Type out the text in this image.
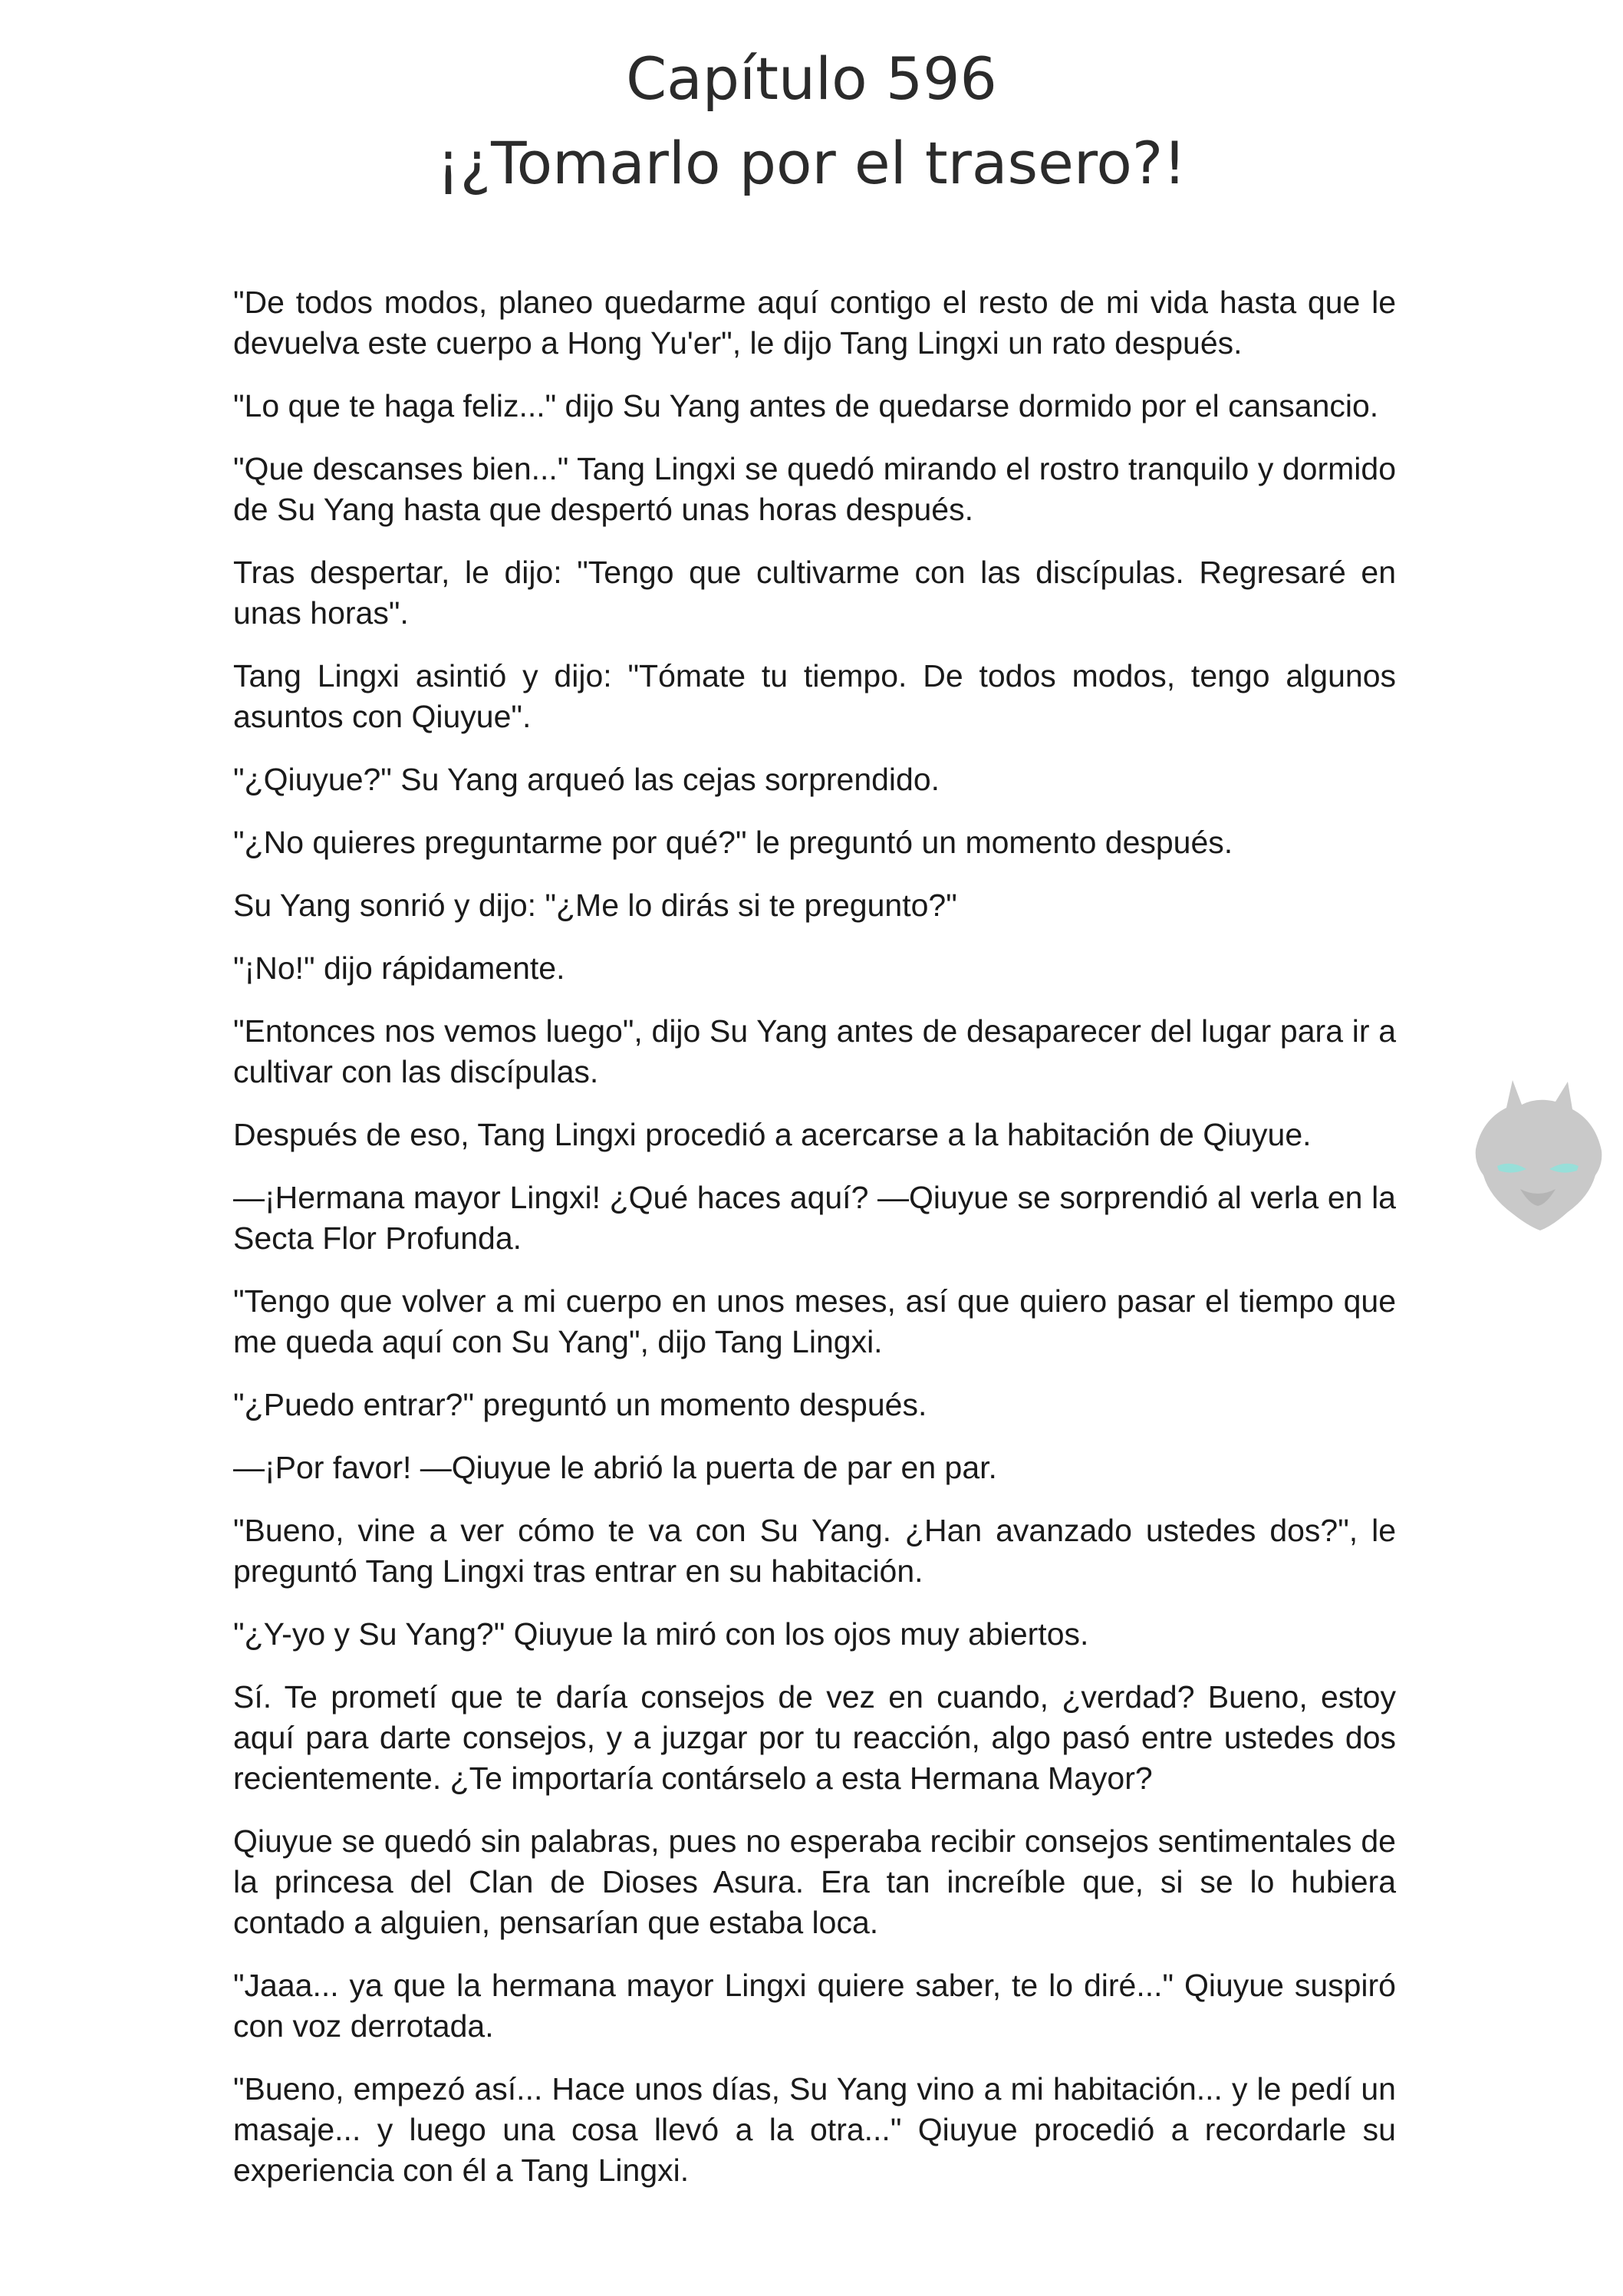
Capítulo 596
¡¿Tomarlo por el trasero?!

"De todos modos, planeo quedarme aquí contigo el resto de mi vida hasta que le devuelva este cuerpo a Hong Yu'er", le dijo Tang Lingxi un rato después.

"Lo que te haga feliz..." dijo Su Yang antes de quedarse dormido por el cansancio.

"Que descanses bien..." Tang Lingxi se quedó mirando el rostro tranquilo y dormido de Su Yang hasta que despertó unas horas después.

Tras despertar, le dijo: "Tengo que cultivarme con las discípulas. Regresaré en unas horas".

Tang Lingxi asintió y dijo: "Tómate tu tiempo. De todos modos, tengo algunos asuntos con Qiuyue".

"¿Qiuyue?" Su Yang arqueó las cejas sorprendido.

"¿No quieres preguntarme por qué?" le preguntó un momento después.

Su Yang sonrió y dijo: "¿Me lo dirás si te pregunto?"

"¡No!" dijo rápidamente.

"Entonces nos vemos luego", dijo Su Yang antes de desaparecer del lugar para ir a cultivar con las discípulas.

Después de eso, Tang Lingxi procedió a acercarse a la habitación de Qiuyue.

—¡Hermana mayor Lingxi! ¿Qué haces aquí? —Qiuyue se sorprendió al verla en la Secta Flor Profunda.

"Tengo que volver a mi cuerpo en unos meses, así que quiero pasar el tiempo que me queda aquí con Su Yang", dijo Tang Lingxi.

"¿Puedo entrar?" preguntó un momento después.

—¡Por favor! —Qiuyue le abrió la puerta de par en par.

"Bueno, vine a ver cómo te va con Su Yang. ¿Han avanzado ustedes dos?", le preguntó Tang Lingxi tras entrar en su habitación.

"¿Y-yo y Su Yang?" Qiuyue la miró con los ojos muy abiertos.

Sí. Te prometí que te daría consejos de vez en cuando, ¿verdad? Bueno, estoy aquí para darte consejos, y a juzgar por tu reacción, algo pasó entre ustedes dos recientemente. ¿Te importaría contárselo a esta Hermana Mayor?

Qiuyue se quedó sin palabras, pues no esperaba recibir consejos sentimentales de la princesa del Clan de Dioses Asura. Era tan increíble que, si se lo hubiera contado a alguien, pensarían que estaba loca.

"Jaaa... ya que la hermana mayor Lingxi quiere saber, te lo diré..." Qiuyue suspiró con voz derrotada.

"Bueno, empezó así... Hace unos días, Su Yang vino a mi habitación... y le pedí un masaje... y luego una cosa llevó a la otra..." Qiuyue procedió a recordarle su experiencia con él a Tang Lingxi.
